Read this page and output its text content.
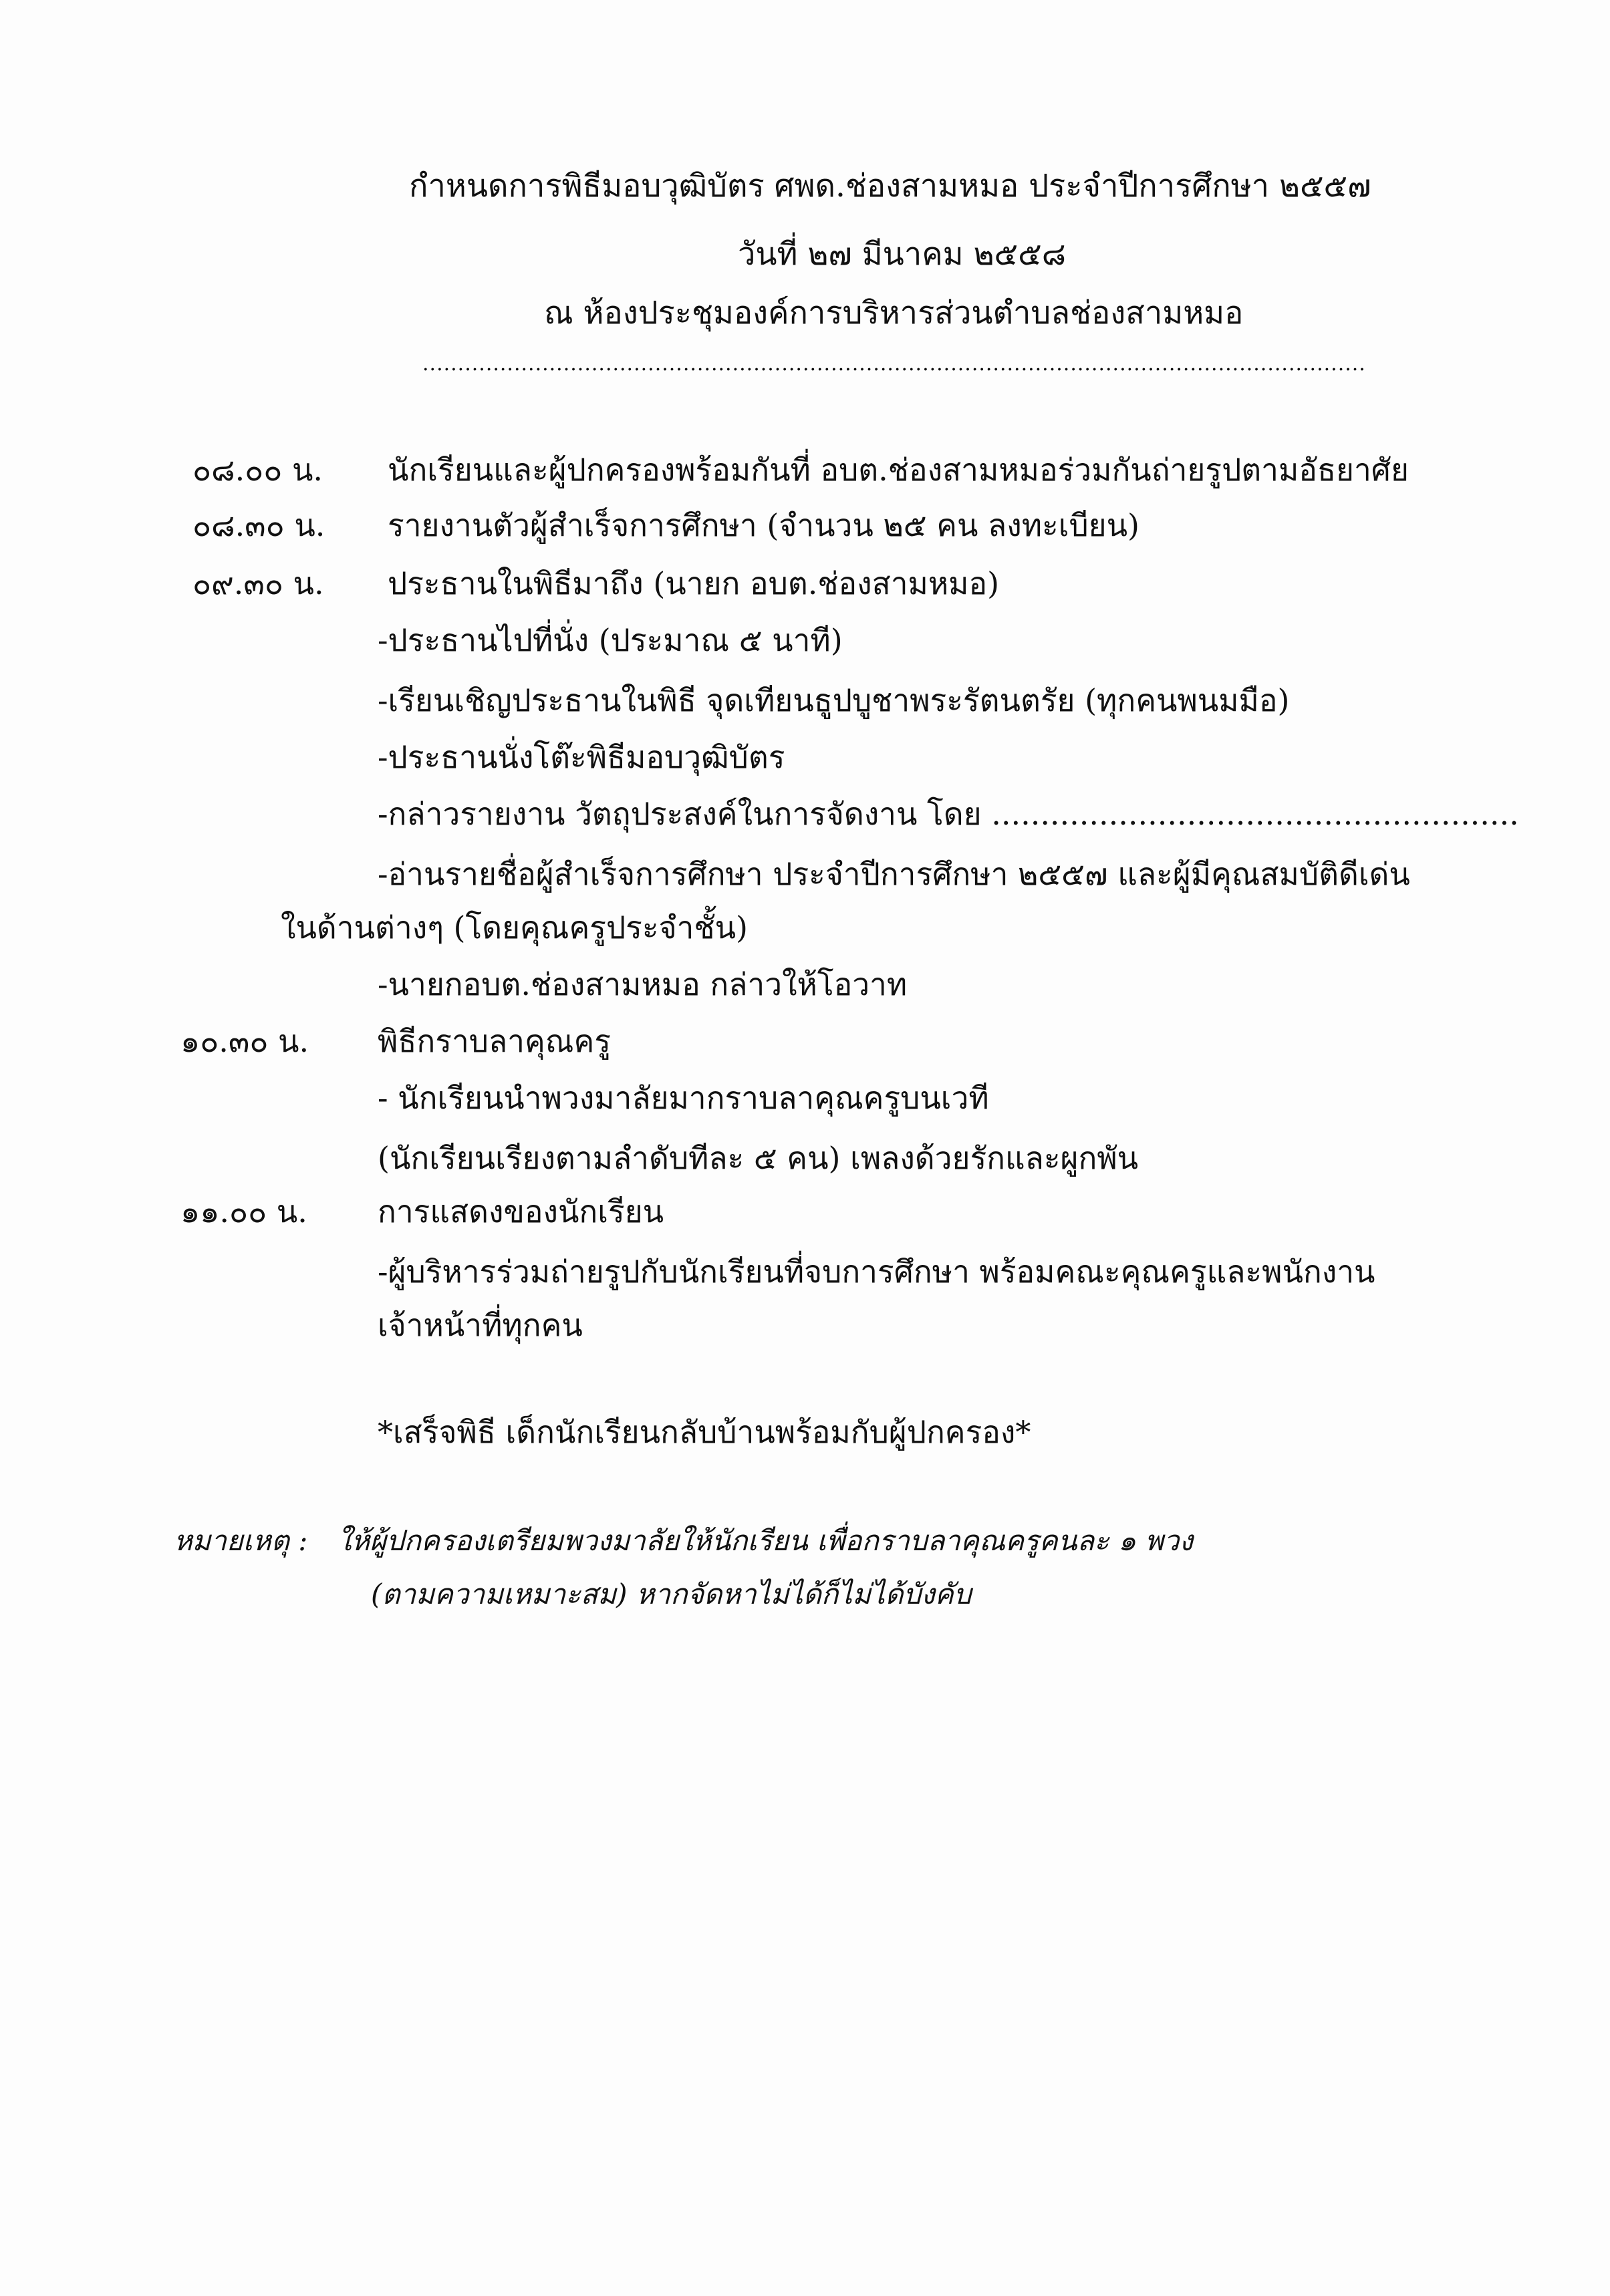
กำหนดการพิธีมอบวุฒิบัตร ศพด.ช่องสามหมอ ประจำปีการศึกษา ๒๕๕๗
วันที่ ๒๗ มีนาคม ๒๕๕๘
ณ ห้องประชุมองค์การบริหารส่วนตำบลช่องสามหมอ
......................................................................................................................................
๐๘.๐๐ น. นักเรียนและผู้ปกครองพร้อมกันที่ อบต.ช่องสามหมอร่วมกันถ่ายรูปตามอัธยาศัย
๐๘.๓๐ น. รายงานตัวผู้สำเร็จการศึกษา (จำนวน ๒๕ คน ลงทะเบียน)
๐๙.๓๐ น. ประธานในพิธีมาถึง (นายก อบต.ช่องสามหมอ)
-ประธานไปที่นั่ง (ประมาณ ๕ นาที)
-เรียนเชิญประธานในพิธี จุดเทียนธูปบูชาพระรัตนตรัย (ทุกคนพนมมือ)
-ประธานนั่งโต๊ะพิธีมอบวุฒิบัตร
-กล่าวรายงาน วัตถุประสงค์ในการจัดงาน โดย ......................................................
-อ่านรายชื่อผู้สำเร็จการศึกษา ประจำปีการศึกษา ๒๕๕๗ และผู้มีคุณสมบัติดีเด่น
ในด้านต่างๆ (โดยคุณครูประจำชั้น)
-นายกอบต.ช่องสามหมอ กล่าวให้โอวาท
๑๐.๓๐ น. พิธีกราบลาคุณครู
- นักเรียนนำพวงมาลัยมากราบลาคุณครูบนเวที
(นักเรียนเรียงตามลำดับทีละ ๕ คน) เพลงด้วยรักและผูกพัน
๑๑.๐๐ น. การแสดงของนักเรียน
-ผู้บริหารร่วมถ่ายรูปกับนักเรียนที่จบการศึกษา พร้อมคณะคุณครูและพนักงาน
เจ้าหน้าที่ทุกคน
*เสร็จพิธี เด็กนักเรียนกลับบ้านพร้อมกับผู้ปกครอง*
หมายเหตุ : ให้ผู้ปกครองเตรียมพวงมาลัยให้นักเรียน เพื่อกราบลาคุณครูคนละ ๑ พวง
(ตามความเหมาะสม) หากจัดหาไม่ได้ก็ไม่ได้บังคับ
